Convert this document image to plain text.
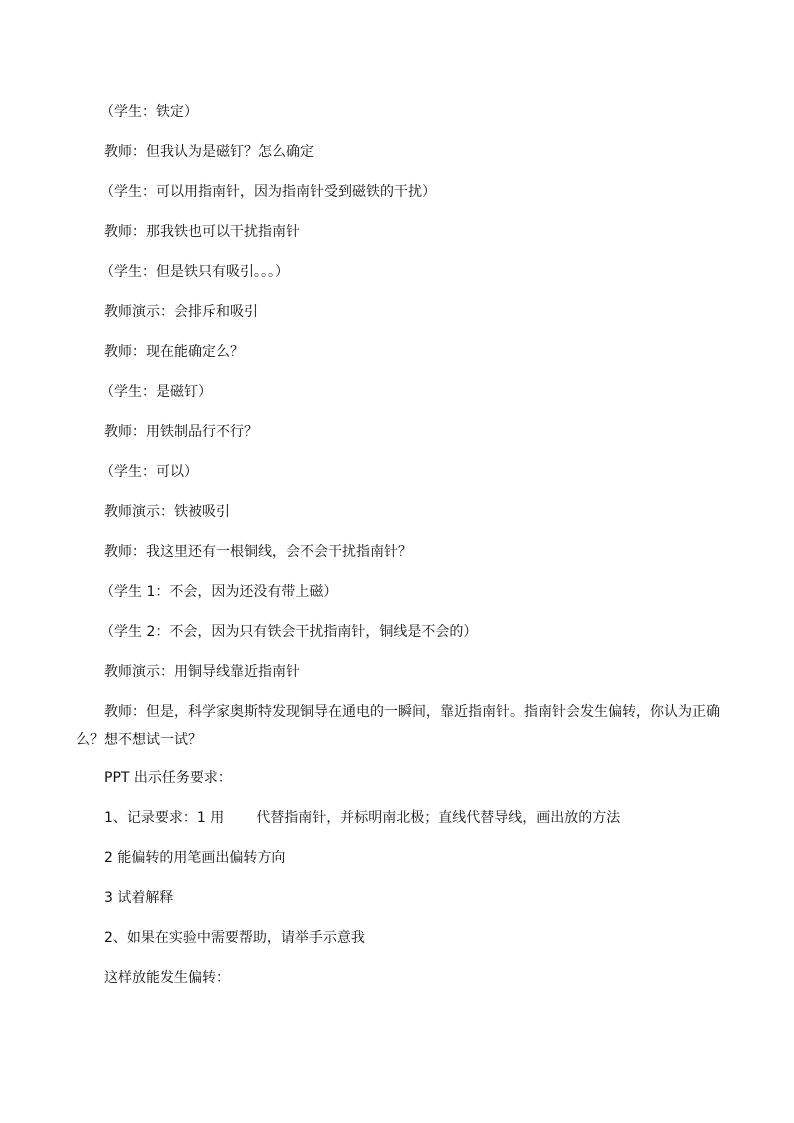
（学生：铁定）

教师：但我认为是磁钉？怎么确定

（学生：可以用指南针，因为指南针受到磁铁的干扰）

教师：那我铁也可以干扰指南针

（学生：但是铁只有吸引。。。）

教师演示：会排斥和吸引

教师：现在能确定么？

（学生：是磁钉）

教师：用铁制品行不行？

（学生：可以）

教师演示：铁被吸引

教师：我这里还有一根铜线，会不会干扰指南针？

（学生 1：不会，因为还没有带上磁）

（学生 2：不会，因为只有铁会干扰指南针，铜线是不会的）

教师演示：用铜导线靠近指南针

教师：但是，科学家奥斯特发现铜导在通电的一瞬间，靠近指南针。指南针会发生偏转，你认为正确么？想不想试一试？

PPT 出示任务要求：

1、记录要求：1 用 代替指南针，并标明南北极；直线代替导线，画出放的方法

2 能偏转的用笔画出偏转方向

3 试着解释

2、如果在实验中需要帮助，请举手示意我

这样放能发生偏转：
